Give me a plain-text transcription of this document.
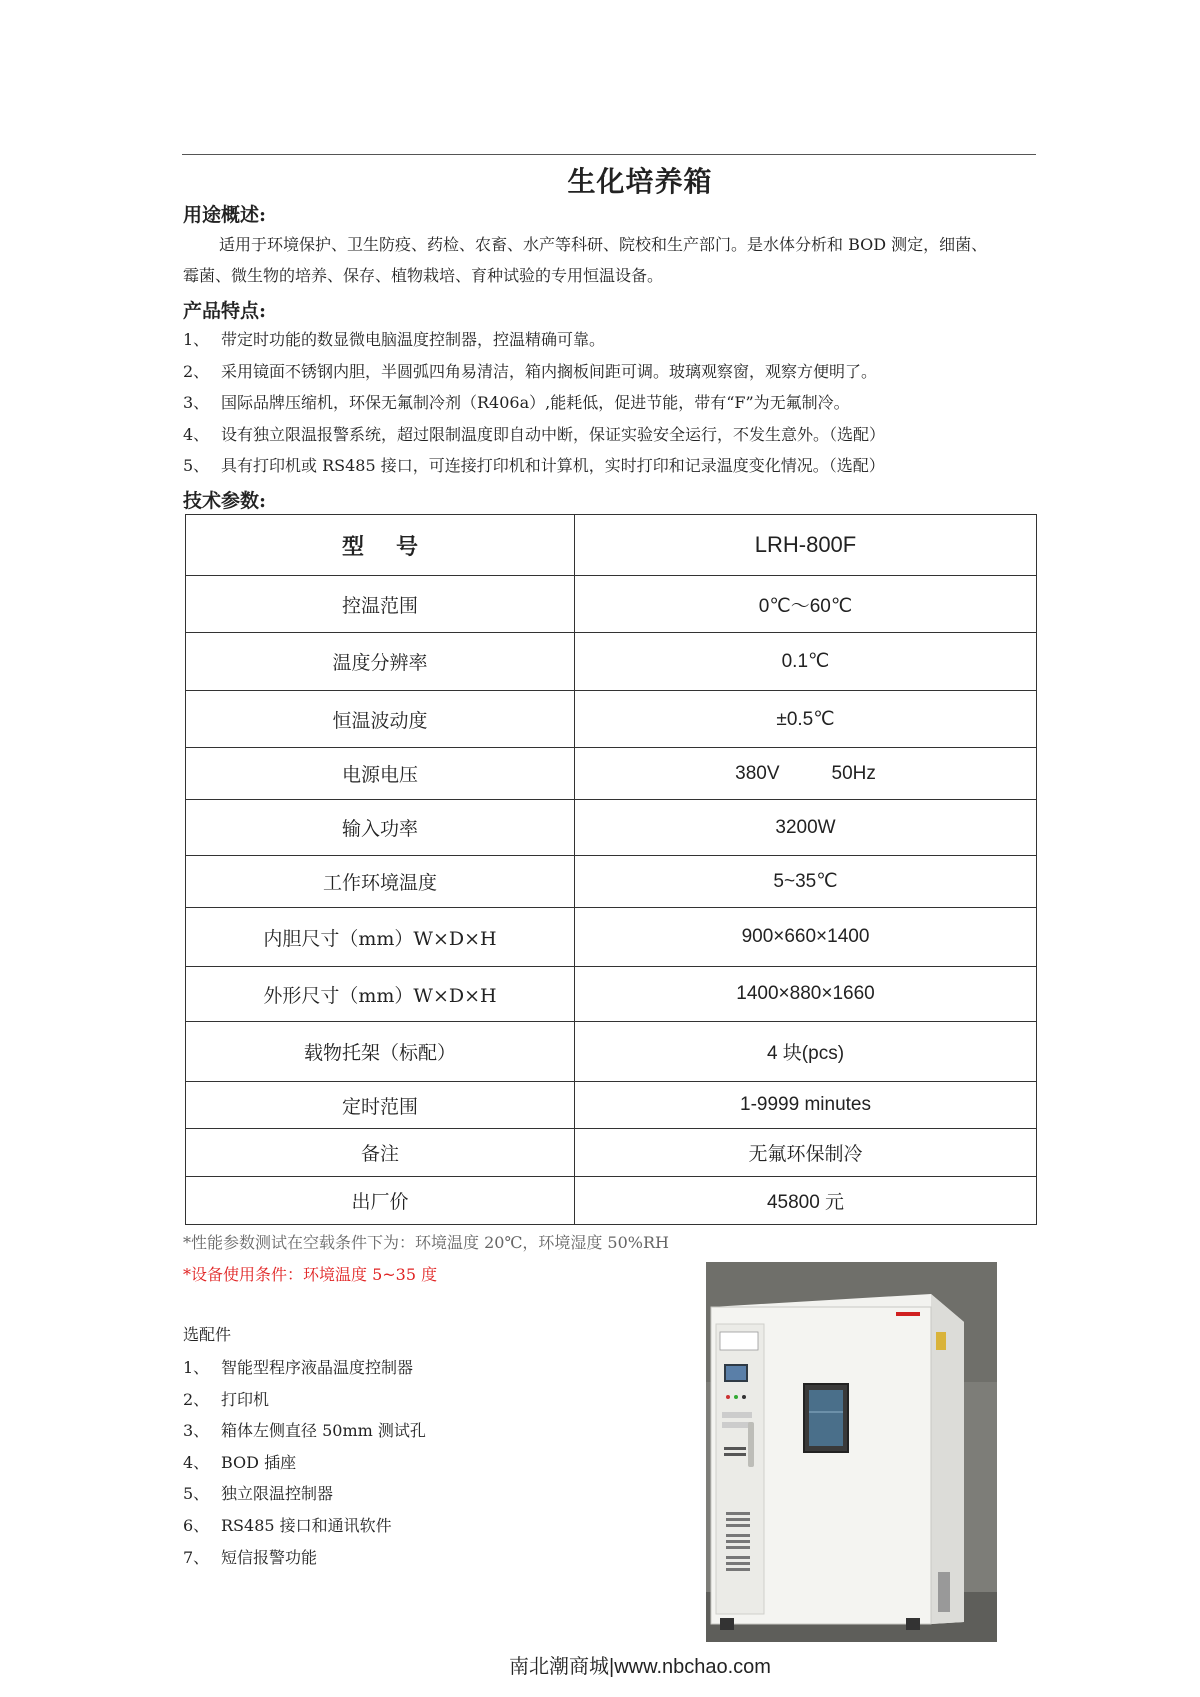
生化培养箱
用途概述:

适用于环境保护、卫生防疫、药检、农畜、水产等科研、院校和生产部门。是水体分析和 BOD 测定，细菌、
霉菌、微生物的培养、保存、植物栽培、育种试验的专用恒温设备。

产品特点:
1、 带定时功能的数显微电脑温度控制器，控温精确可靠。
2、 采用镜面不锈钢内胆，半圆弧四角易清洁，箱内搁板间距可调。玻璃观察窗，观察方便明了。
3、 国际品牌压缩机，环保无氟制冷剂（R406a）,能耗低，促进节能，带有“F”为无氟制冷。
4、 设有独立限温报警系统，超过限制温度即自动中断，保证实验安全运行，不发生意外。（选配）
5、 具有打印机或 RS485 接口，可连接打印机和计算机，实时打印和记录温度变化情况。（选配）
技术参数:
型号	LRH-800F
控温范围	0℃～60℃
温度分辨率	0.1℃
恒温波动度	±0.5℃
电源电压	380V 50Hz
输入功率	3200W
工作环境温度	5~35℃
内胆尺寸（mm）W×D×H	900×660×1400
外形尺寸（mm）W×D×H	1400×880×1660
载物托架（标配）	4 块(pcs)
定时范围	1-9999 minutes
备注	无氟环保制冷
出厂价	45800 元

*性能参数测试在空载条件下为：环境温度 20℃，环境湿度 50%RH

*设备使用条件：环境温度 5~35 度

选配件

1、 智能型程序液晶温度控制器
2、 打印机
3、 箱体左侧直径 50mm 测试孔
4、 BOD 插座
5、 独立限温控制器
6、 RS485 接口和通讯软件
7、 短信报警功能

南北潮商城|www.nbchao.com
